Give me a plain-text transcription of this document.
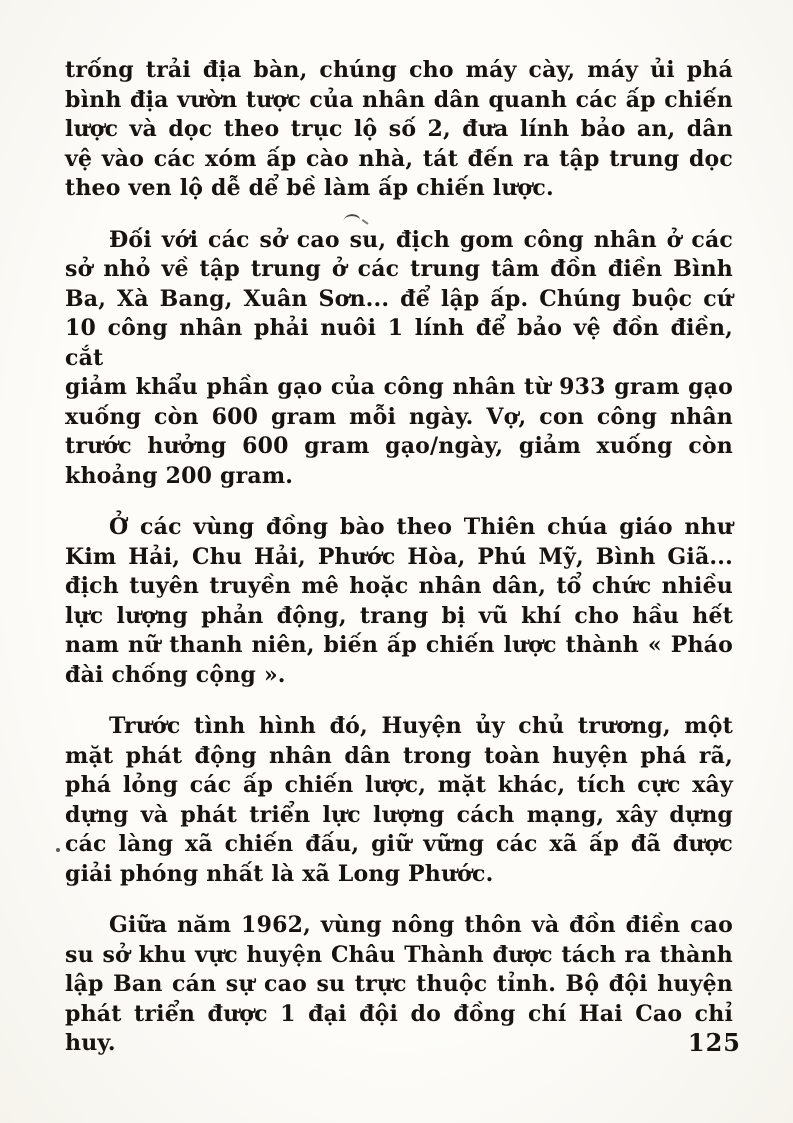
trống trải địa bàn, chúng cho máy cày, máy ủi phá
bình địa vườn tược của nhân dân quanh các ấp chiến
lược và dọc theo trục lộ số 2, đưa lính bảo an, dân
vệ vào các xóm ấp cào nhà, tát đến ra tập trung dọc
theo ven lộ dễ dể bề làm ấp chiến lược.
Đối với các sở cao su, địch gom công nhân ở các
sở nhỏ về tập trung ở các trung tâm đồn điền Bình
Ba, Xà Bang, Xuân Sơn... để lập ấp. Chúng buộc cứ
10 công nhân phải nuôi 1 lính để bảo vệ đồn điền, cắt
giảm khẩu phần gạo của công nhân từ 933 gram gạo
xuống còn 600 gram mỗi ngày. Vợ, con công nhân
trước hưởng 600 gram gạo/ngày, giảm xuống còn
khoảng 200 gram.
Ở các vùng đồng bào theo Thiên chúa giáo như
Kim Hải, Chu Hải, Phước Hòa, Phú Mỹ, Bình Giã...
địch tuyên truyền mê hoặc nhân dân, tổ chức nhiều
lực lượng phản động, trang bị vũ khí cho hầu hết
nam nữ thanh niên, biến ấp chiến lược thành « Pháo
đài chống cộng ».
Trước tình hình đó, Huyện ủy chủ trương, một
mặt phát động nhân dân trong toàn huyện phá rã,
phá lỏng các ấp chiến lược, mặt khác, tích cực xây
dựng và phát triển lực lượng cách mạng, xây dựng
các làng xã chiến đấu, giữ vững các xã ấp đã được
giải phóng nhất là xã Long Phước.
Giữa năm 1962, vùng nông thôn và đồn điền cao
su sở khu vực huyện Châu Thành được tách ra thành
lập Ban cán sự cao su trực thuộc tỉnh. Bộ đội huyện
phát triển được 1 đại đội do đồng chí Hai Cao chỉ huy.	125
